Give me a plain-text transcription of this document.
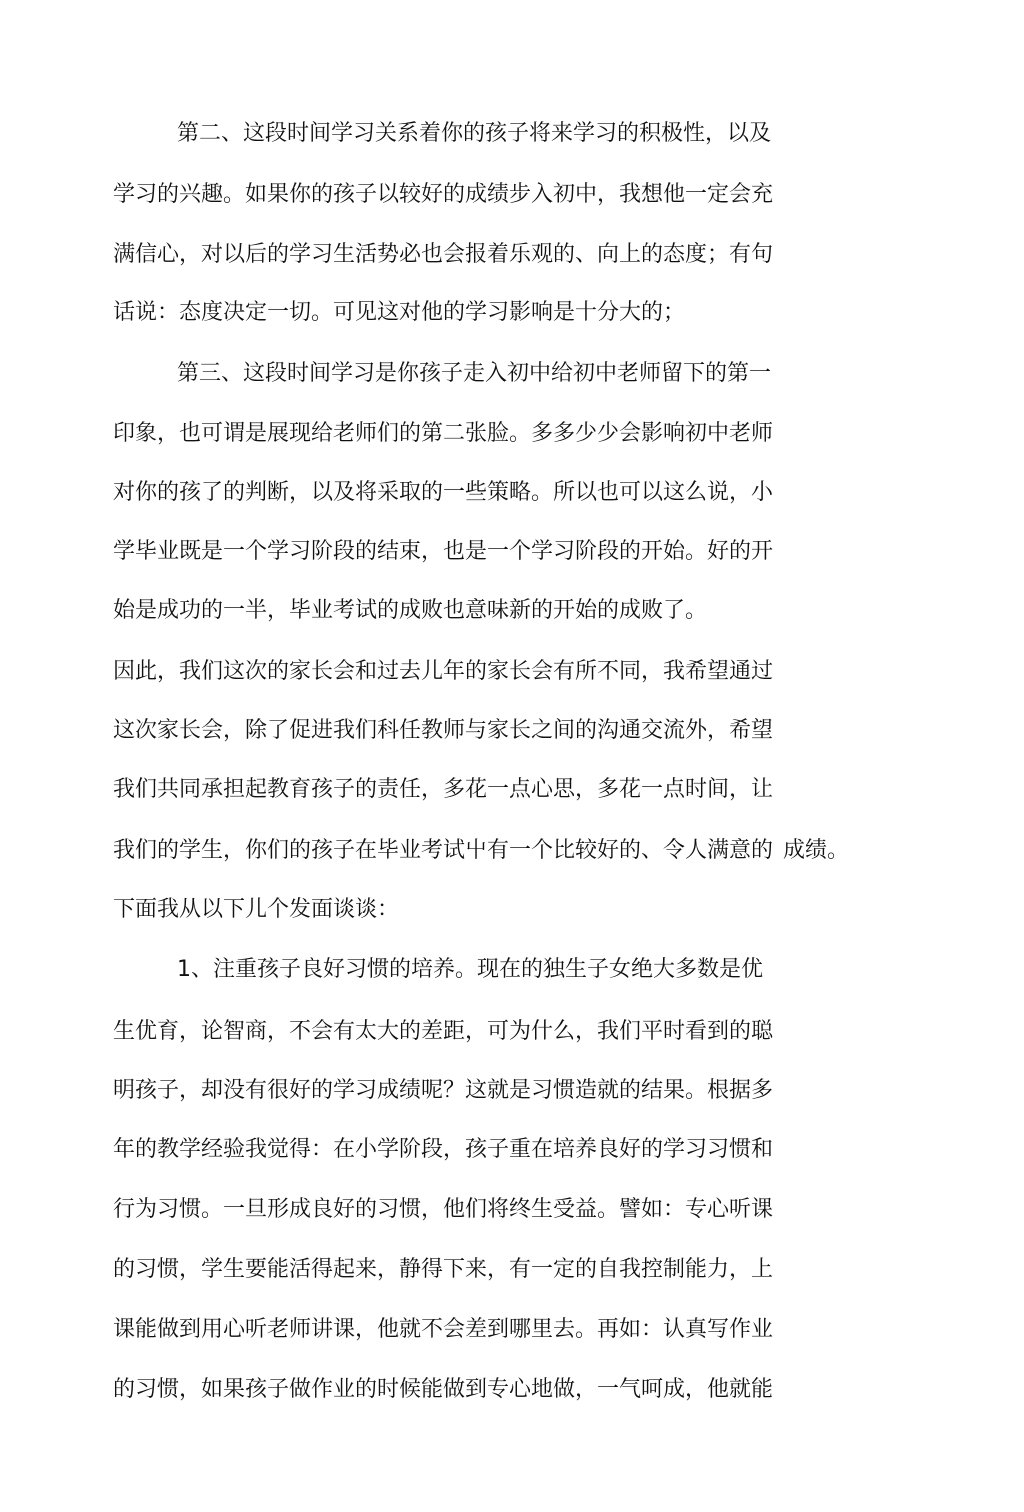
第二、这段时间学习关系着你的孩子将来学习的积极性，以及
学习的兴趣。如果你的孩子以较好的成绩步入初中，我想他一定会充
满信心，对以后的学习生活势必也会报着乐观的、向上的态度；有句
话说：态度决定一切。可见这对他的学习影响是十分大的；
第三、这段时间学习是你孩子走入初中给初中老师留下的第一
印象，也可谓是展现给老师们的第二张脸。多多少少会影响初中老师
对你的孩了的判断，以及将采取的一些策略。所以也可以这么说，小
学毕业既是一个学习阶段的结束，也是一个学习阶段的开始。好的开
始是成功的一半，毕业考试的成败也意味新的开始的成败了。
因此，我们这次的家长会和过去儿年的家长会有所不同，我希望通过
这次家长会，除了促进我们科任教师与家长之间的沟通交流外，希望
我们共同承担起教育孩子的责任，多花一点心思，多花一点时间，让
我们的学生，你们的孩子在毕业考试屮有一个比较好的、令人满意的 成绩。
下面我从以下儿个发面谈谈：
1、注重孩子良好习惯的培养。现在的独生子女绝大多数是优
生优育，论智商，不会有太大的差距，可为什么，我们平时看到的聪
明孩子，却没有很好的学习成绩呢？这就是习惯造就的结果。根据多
年的教学经验我觉得：在小学阶段，孩子重在培养良好的学习习惯和
行为习惯。一旦形成良好的习惯，他们将终生受益。譬如：专心听课
的习惯，学生要能活得起来，静得下来，有一定的自我控制能力，上
课能做到用心听老师讲课，他就不会差到哪里去。再如：认真写作业
的习惯，如果孩子做作业的时候能做到专心地做，一气呵成，他就能
